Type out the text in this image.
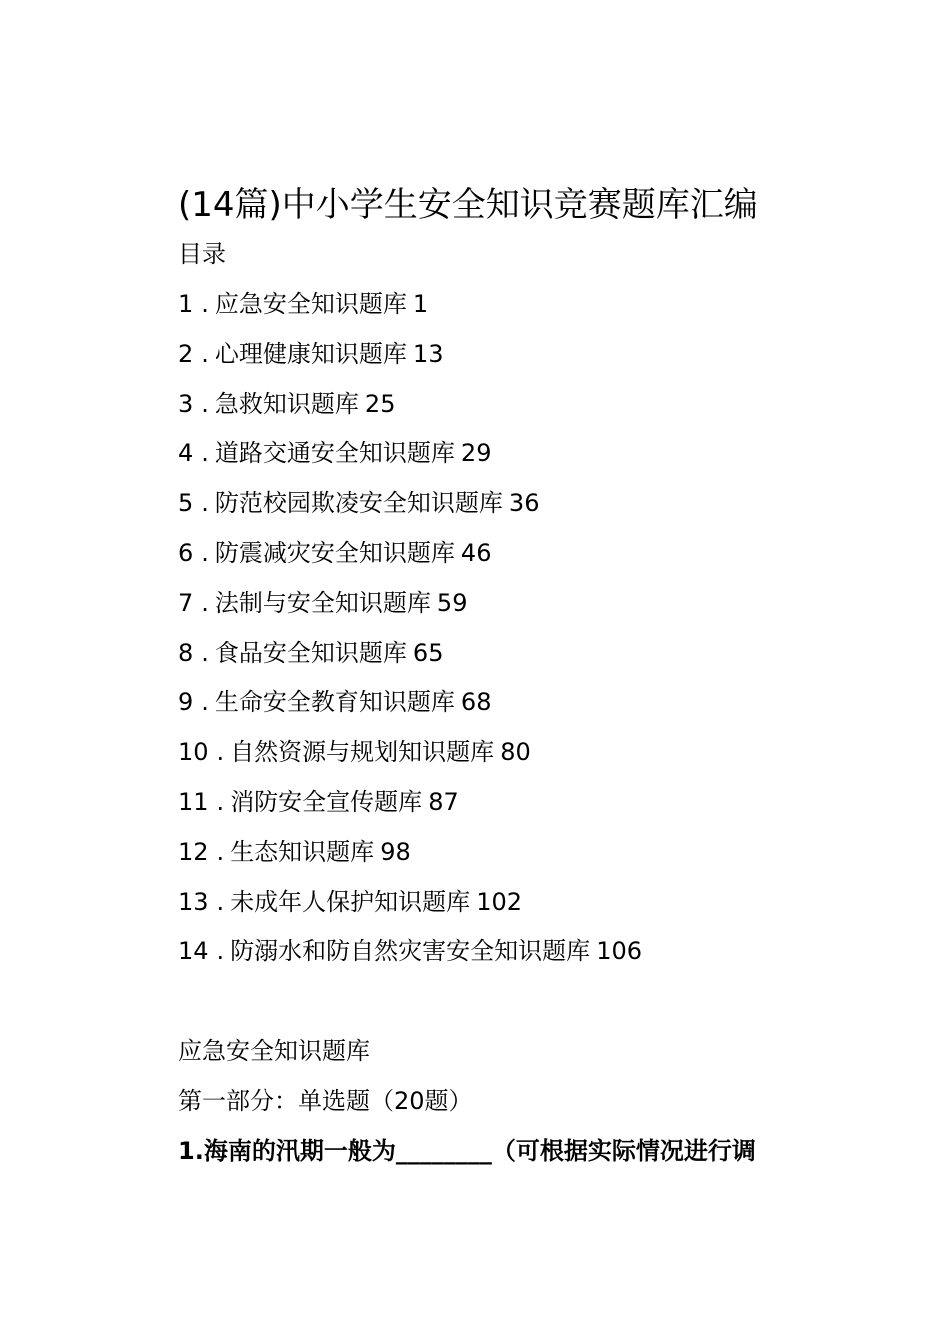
(14篇)中小学生安全知识竞赛题库汇编
目录
1 . 应急安全知识题库 1
2 . 心理健康知识题库 13
3 . 急救知识题库 25
4 . 道路交通安全知识题库 29
5 . 防范校园欺凌安全知识题库 36
6 . 防震减灾安全知识题库 46
7 . 法制与安全知识题库 59
8 . 食品安全知识题库 65
9 . 生命安全教育知识题库 68
10 . 自然资源与规划知识题库 80
11 . 消防安全宣传题库 87
12 . 生态知识题库 98
13 . 未成年人保护知识题库 102
14 . 防溺水和防自然灾害安全知识题库 106
应急安全知识题库
第一部分：单选题（20题）
1.海南的汛期一般为________（可根据实际情况进行调
